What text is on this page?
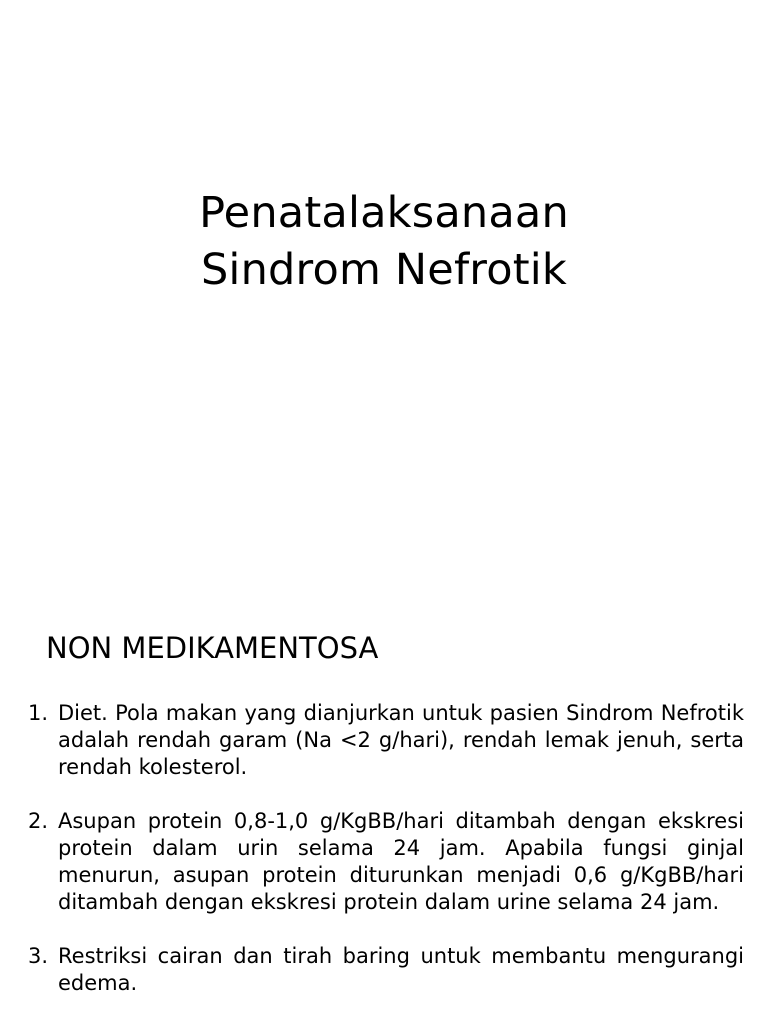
Penatalaksanaan
Sindrom Nefrotik
NON MEDIKAMENTOSA
1. Diet. Pola makan yang dianjurkan untuk pasien Sindrom Nefrotik adalah rendah garam (Na <2 g/hari), rendah lemak jenuh, serta rendah kolesterol.
2. Asupan protein 0,8-1,0 g/KgBB/hari ditambah dengan ekskresi protein dalam urin selama 24 jam. Apabila fungsi ginjal menurun, asupan protein diturunkan menjadi 0,6 g/KgBB/hari ditambah dengan ekskresi protein dalam urine selama 24 jam.
3. Restriksi cairan dan tirah baring untuk membantu mengurangi edema.
